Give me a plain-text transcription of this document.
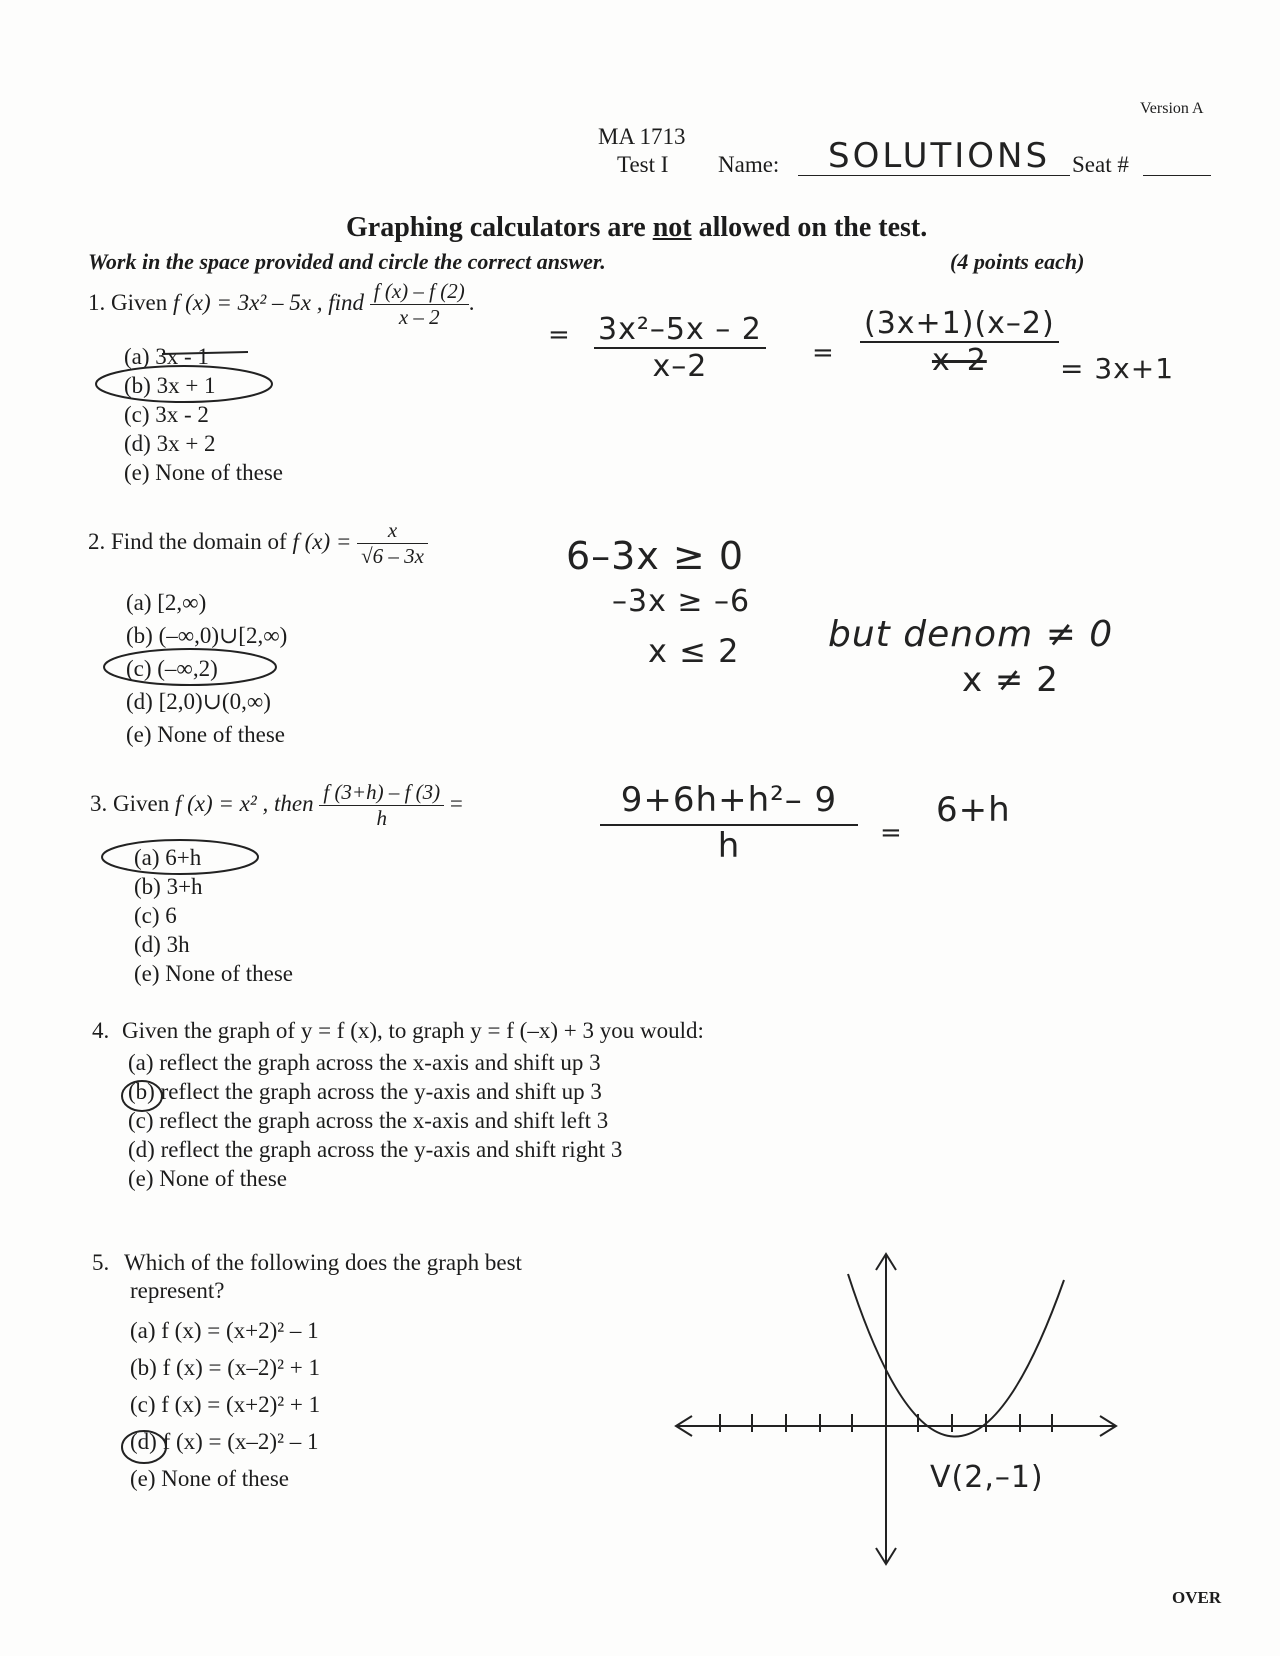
Version A
MA 1713
Test I Name: SOLUTIONS Seat #
Graphing calculators are not allowed on the test.
Work in the space provided and circle the correct answer.	(4 points each)
1. Given f (x) = 3x² – 5x , find $\frac{f (x) - f (2)}{x - 2}$ .
(a) 3x - 1
(b) 3x + 1
(c) 3x - 2
(d) 3x + 2
(e) None of these
= $\frac{\text{3x²–5x – 2}}{x-2} = \frac{(3x+1)(x-2)}{x-2} = 3x+1$
2. Find the domain of f $(x) = \frac{x}{√6 - 3x}$
(a) [2,∞)
(b) (–∞,0)∪[2,∞)
(c) (–∞,2)
(d) [2,0)∪(0,∞)
(e) None of these
6–3x ≥ 0
–3x ≥ –6
x ≤ 2 but denom ≠ 0
x ≠ 2
3. Given f (x) = x² , then $\frac{f (3+h) - f (3)}{h}$ =
(a) 6+h
(b) 3+h
(c) 6
(d) 3h
(e) None of these
$\frac{\text{9+6h+h²– 9}}{h}$ =
6+h
Given the graph of y = f (x), to graph y = f (–x) + 3 you would:
4.
(a) reflect the graph across the x-axis and shift up 3
(b) reflect the graph across the y-axis and shift up 3
(c) reflect the graph across the x-axis and shift left 3
(d) reflect the graph across the y-axis and shift right 3
(e) None of these
5. Which of the following does the graph best
represent?
(a) f (x) = (x+2)² – 1
(b) f (x) = (x–2)² + 1
(c) f (x) = (x+2)² + 1
(d) f (x) = (x–2)² – 1
(e) None of these	V(2,–1)
OVER
